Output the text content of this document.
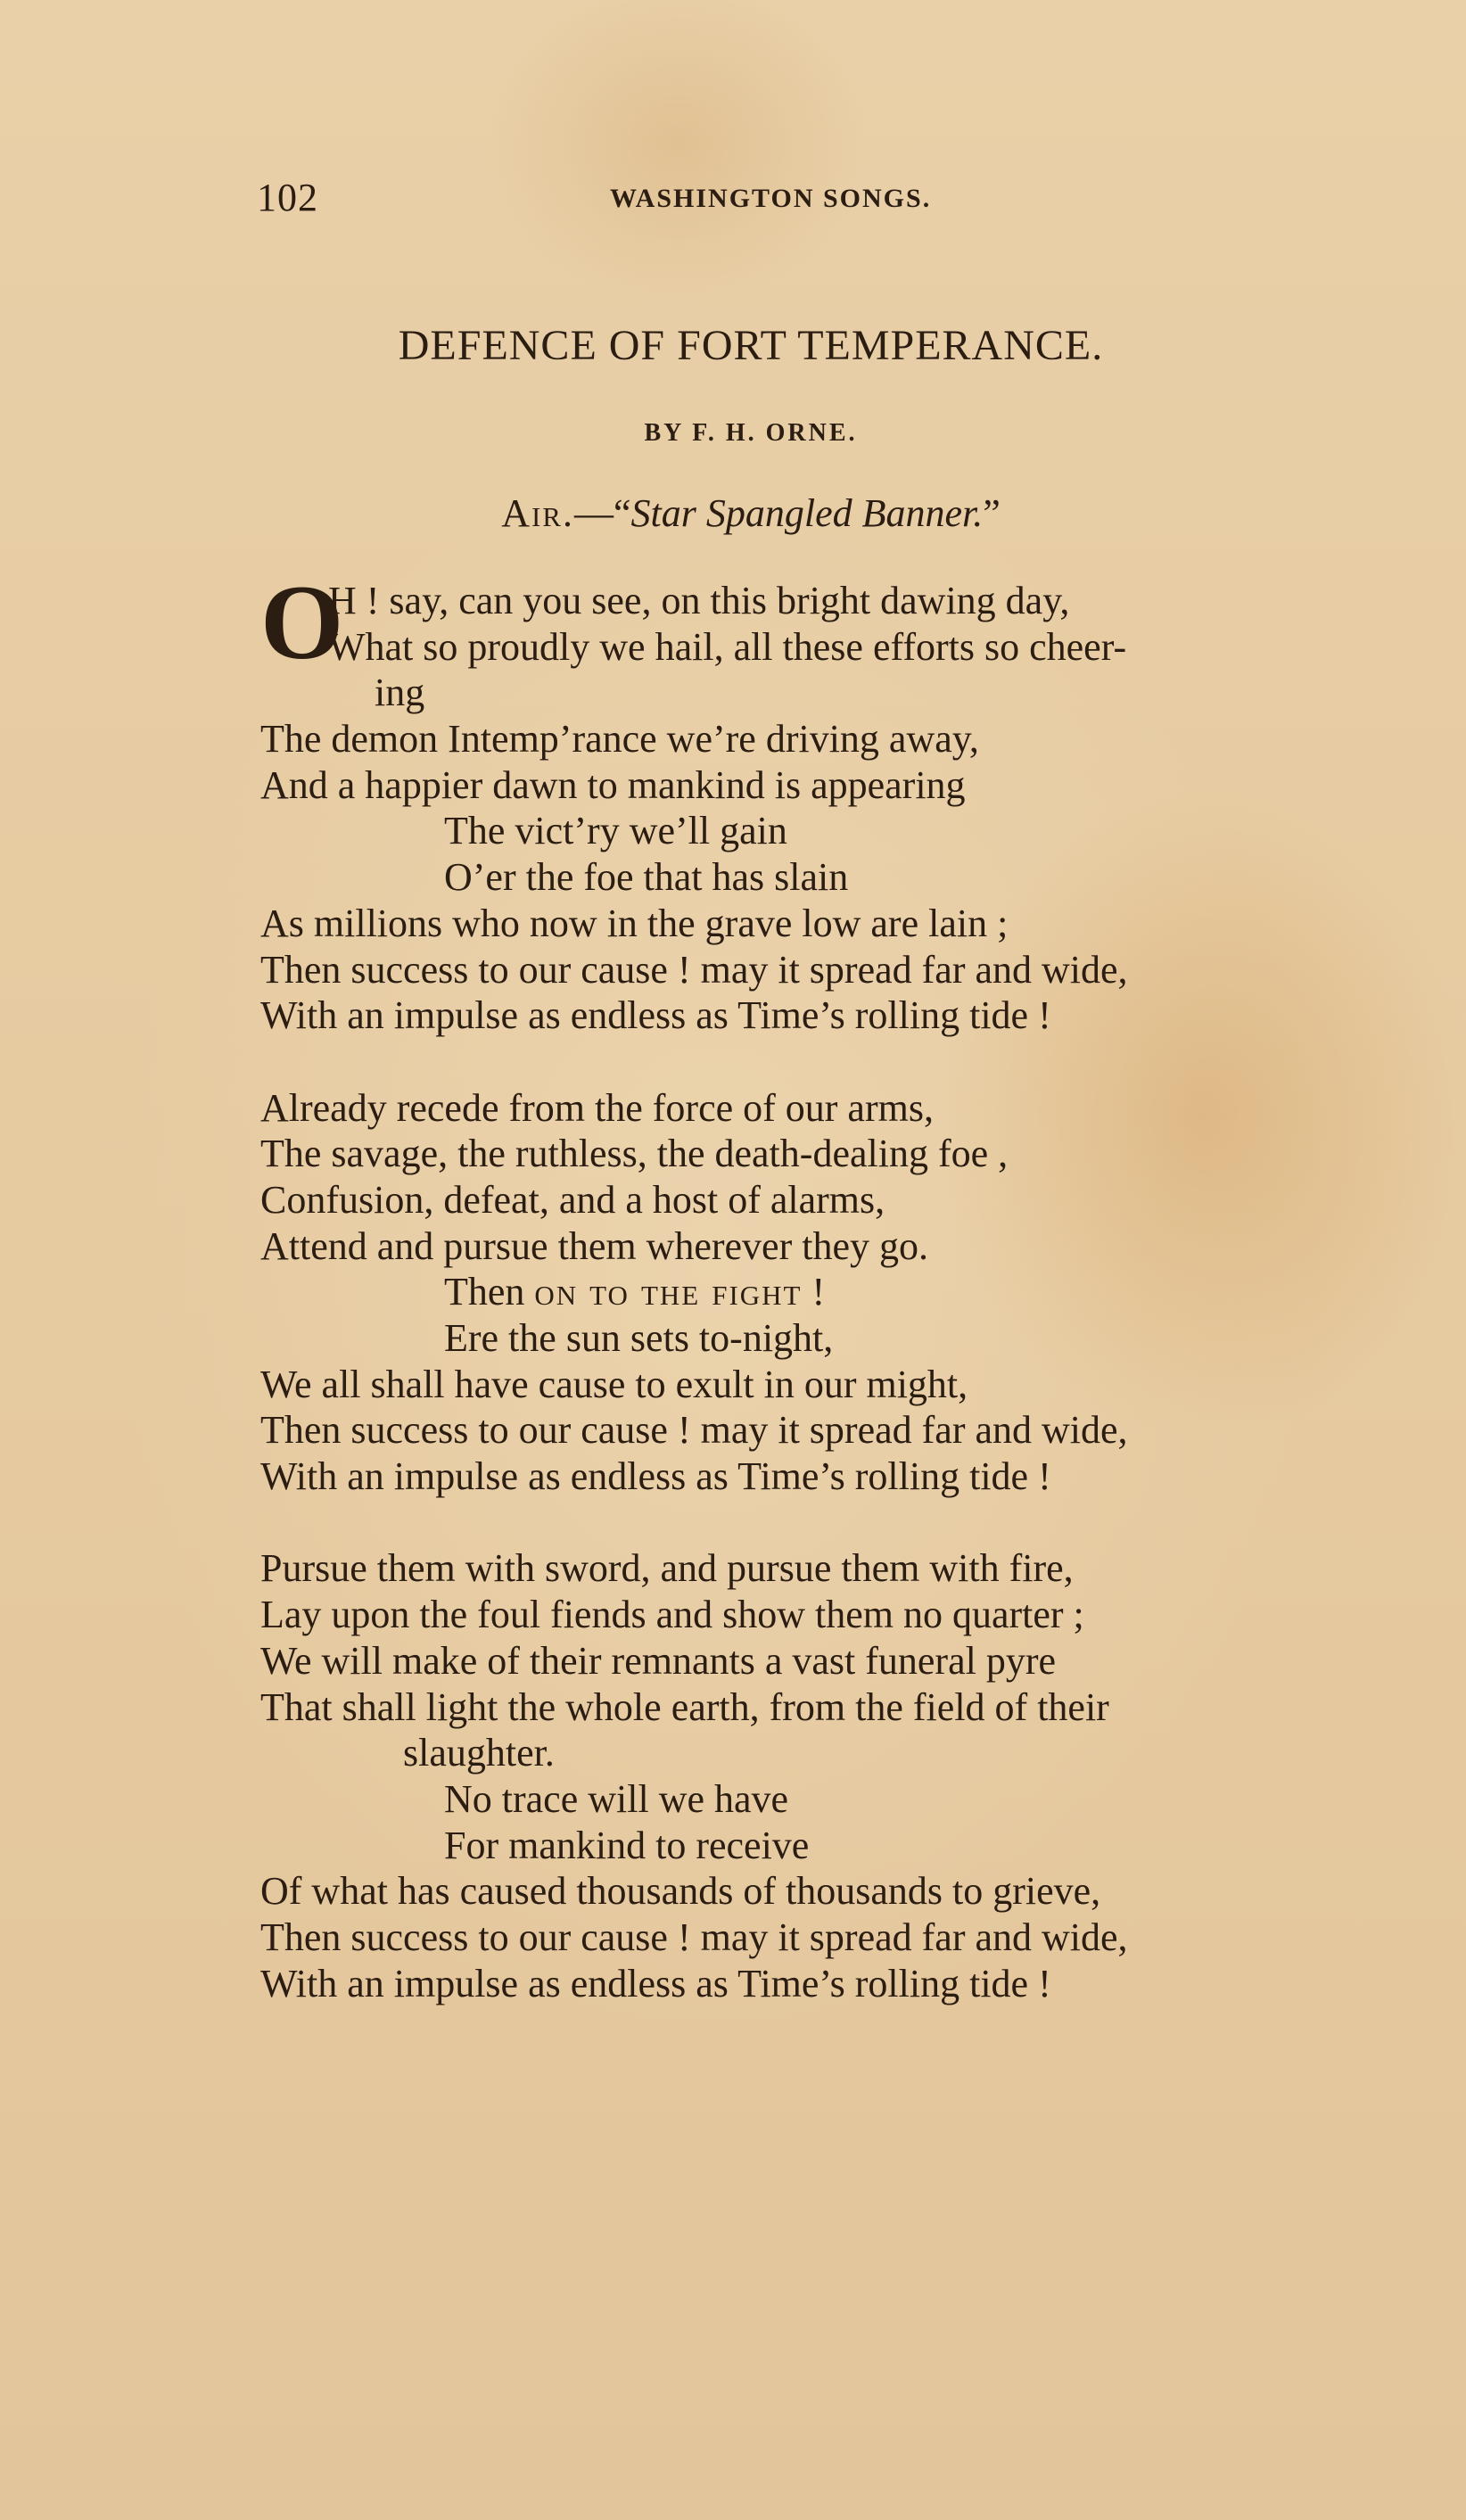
102	WASHINGTON SONGS.
DEFENCE OF FORT TEMPERANCE.
BY F. H. ORNE.
Air.—“Star Spangled Banner.”
O
H ! say, can you see, on this bright dawing day,
What so proudly we hail, all these efforts so cheer-
ing
The demon Intemp’rance we’re driving away,
And a happier dawn to mankind is appearing
The vict’ry we’ll gain
O’er the foe that has slain
As millions who now in the grave low are lain ;
Then success to our cause ! may it spread far and wide,
With an impulse as endless as Time’s rolling tide !
Already recede from the force of our arms,
The savage, the ruthless, the death-dealing foe ,
Confusion, defeat, and a host of alarms,
Attend and pursue them wherever they go.
Then on to the fight !
Ere the sun sets to-night,
We all shall have cause to exult in our might,
Then success to our cause ! may it spread far and wide,
With an impulse as endless as Time’s rolling tide !
Pursue them with sword, and pursue them with fire,
Lay upon the foul fiends and show them no quarter ;
We will make of their remnants a vast funeral pyre
That shall light the whole earth, from the field of their
slaughter.
No trace will we have
For mankind to receive
Of what has caused thousands of thousands to grieve,
Then success to our cause ! may it spread far and wide,
With an impulse as endless as Time’s rolling tide !
